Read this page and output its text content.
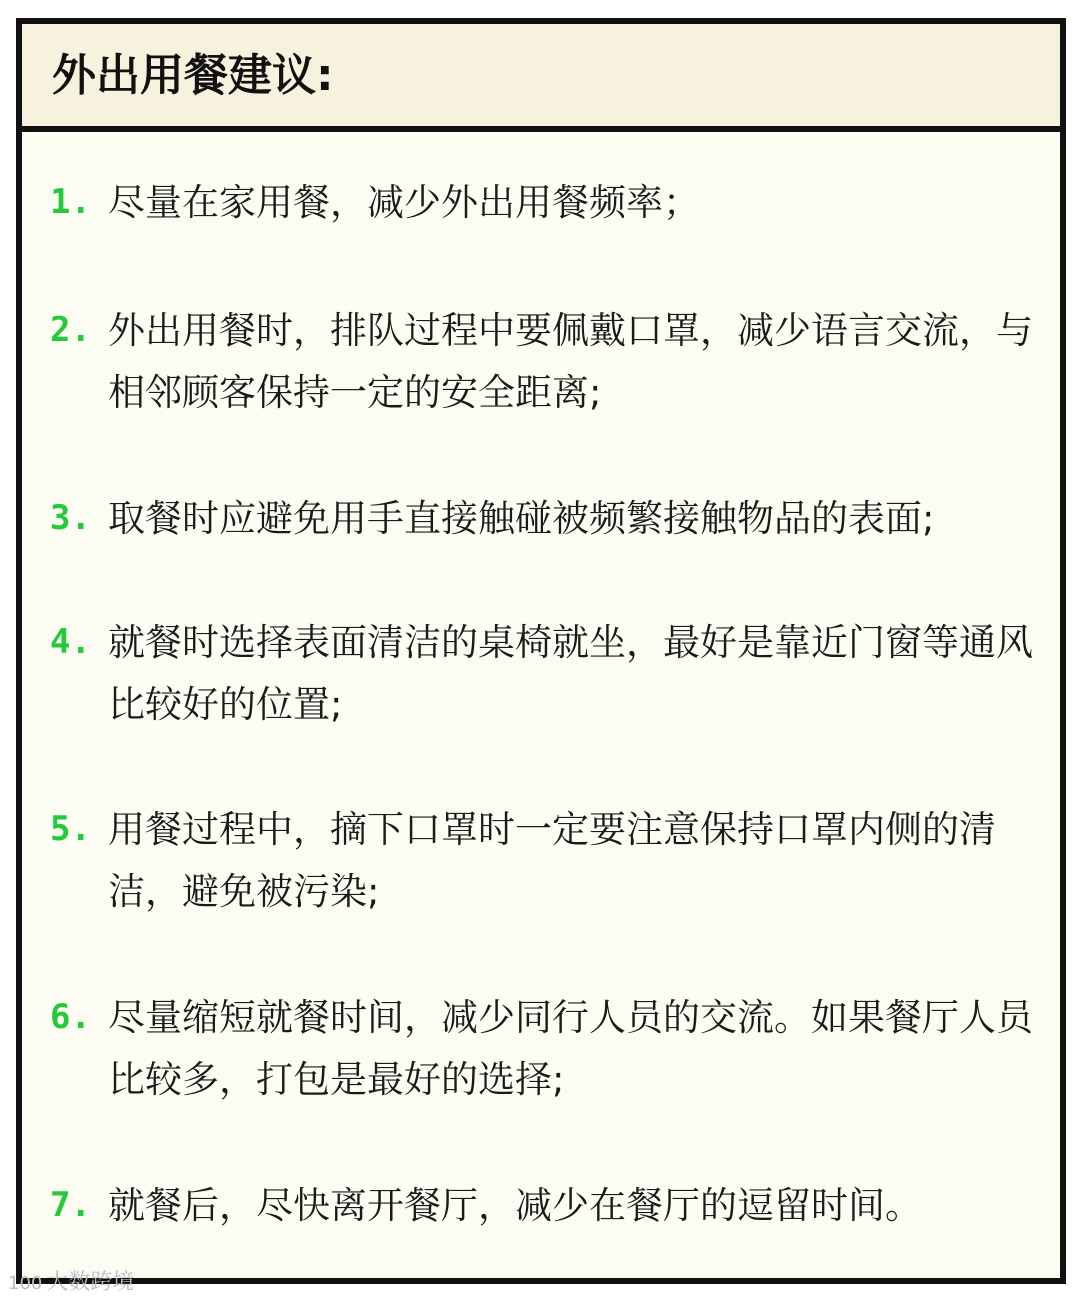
外出用餐建议:
1. 尽量在家用餐，减少外出用餐频率；
2. 外出用餐时，排队过程中要佩戴口罩，减少语言交流，与相邻顾客保持一定的安全距离;
3. 取餐时应避免用手直接触碰被频繁接触物品的表面;
4. 就餐时选择表面清洁的桌椅就坐，最好是靠近门窗等通风比较好的位置;
5. 用餐过程中，摘下口罩时一定要注意保持口罩内侧的清洁，避免被污染;
6. 尽量缩短就餐时间，减少同行人员的交流。如果餐厅人员比较多，打包是最好的选择;
7. 就餐后，尽快离开餐厅，减少在餐厅的逗留时间。
100 大数跨境
